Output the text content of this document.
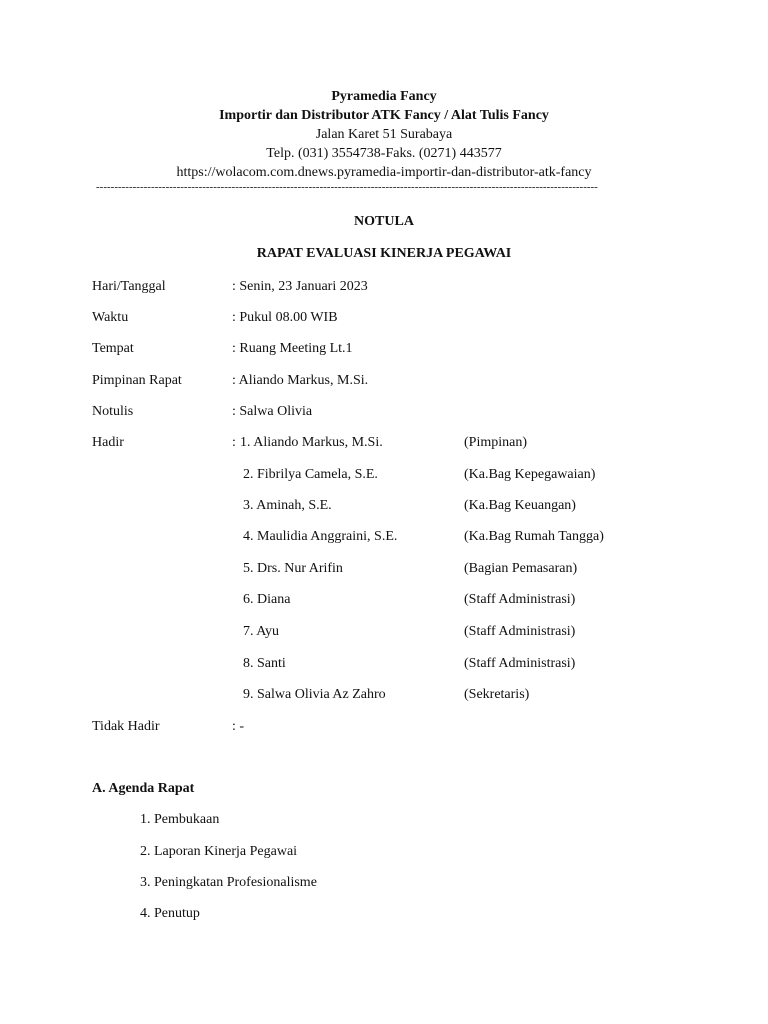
Pyramedia Fancy
Importir dan Distributor ATK Fancy / Alat Tulis Fancy
Jalan Karet 51 Surabaya
Telp. (031) 3554738-Faks. (0271) 443577
https://wolacom.com.dnews.pyramedia-importir-dan-distributor-atk-fancy
-----------------------------------------------------------------------------------------------------------------------------------------
NOTULA
RAPAT EVALUASI KINERJA PEGAWAI
Hari/Tanggal	: Senin, 23 Januari 2023
Waktu	: Pukul 08.00 WIB
Tempat	: Ruang Meeting Lt.1
Pimpinan Rapat	: Aliando Markus, M.Si.
Notulis	: Salwa Olivia
Hadir	: 1. Aliando Markus, M.Si.	(Pimpinan)
2. Fibrilya Camela, S.E.	(Ka.Bag Kepegawaian)
3. Aminah, S.E.	(Ka.Bag Keuangan)
4. Maulidia Anggraini, S.E.	(Ka.Bag Rumah Tangga)
5. Drs. Nur Arifin	(Bagian Pemasaran)
6. Diana	(Staff Administrasi)
7. Ayu	(Staff Administrasi)
8. Santi	(Staff Administrasi)
9. Salwa Olivia Az Zahro	(Sekretaris)
Tidak Hadir	: -
A. Agenda Rapat
1. Pembukaan
2. Laporan Kinerja Pegawai
3. Peningkatan Profesionalisme
4. Penutup
